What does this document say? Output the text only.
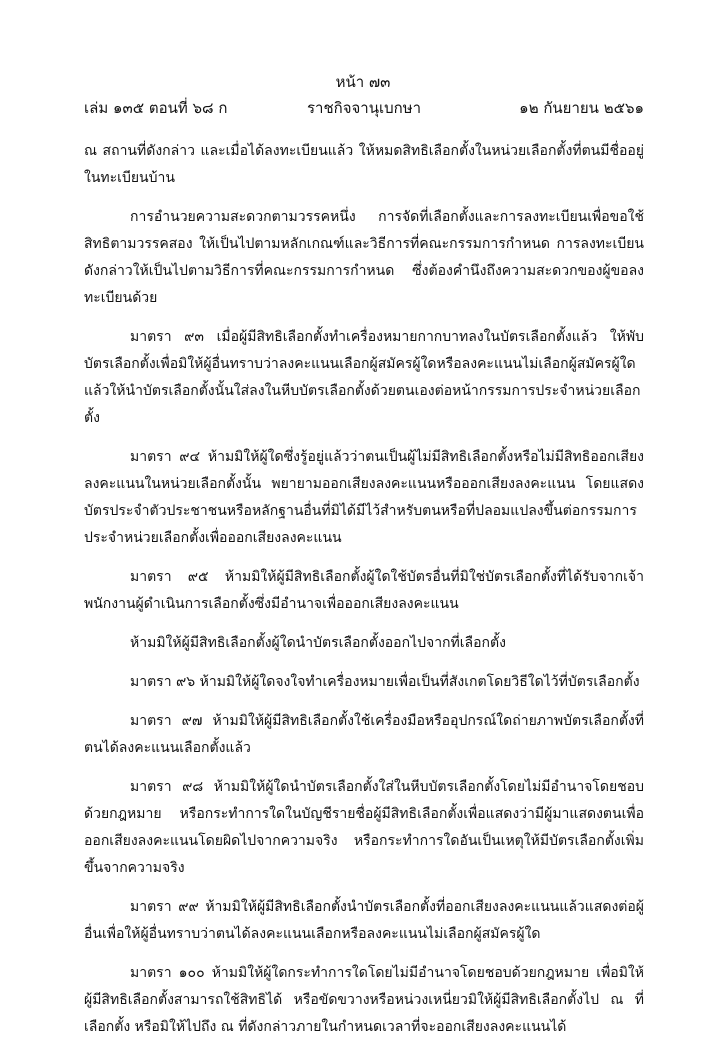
หน้า ๗๓
เล่ม ๑๓๕ ตอนที่ ๖๘ ก	ราชกิจจานุเบกษา	๑๒ กันยายน ๒๕๖๑

ณ สถานที่ดังกล่าว และเมื่อได้ลงทะเบียนแล้ว ให้หมดสิทธิเลือกตั้งในหน่วยเลือกตั้งที่ตนมีชื่ออยู่ในทะเบียนบ้าน

การอำนวยความสะดวกตามวรรคหนึ่ง การจัดที่เลือกตั้งและการลงทะเบียนเพื่อขอใช้สิทธิตามวรรคสอง ให้เป็นไปตามหลักเกณฑ์และวิธีการที่คณะกรรมการกำหนด การลงทะเบียนดังกล่าวให้เป็นไปตามวิธีการที่คณะกรรมการกำหนด ซึ่งต้องคำนึงถึงความสะดวกของผู้ขอลงทะเบียนด้วย

มาตรา ๙๓ เมื่อผู้มีสิทธิเลือกตั้งทำเครื่องหมายกากบาทลงในบัตรเลือกตั้งแล้ว ให้พับบัตรเลือกตั้งเพื่อมิให้ผู้อื่นทราบว่าลงคะแนนเลือกผู้สมัครผู้ใดหรือลงคะแนนไม่เลือกผู้สมัครผู้ใด แล้วให้นำบัตรเลือกตั้งนั้นใส่ลงในหีบบัตรเลือกตั้งด้วยตนเองต่อหน้ากรรมการประจำหน่วยเลือกตั้ง

มาตรา ๙๔ ห้ามมิให้ผู้ใดซึ่งรู้อยู่แล้วว่าตนเป็นผู้ไม่มีสิทธิเลือกตั้งหรือไม่มีสิทธิออกเสียงลงคะแนนในหน่วยเลือกตั้งนั้น พยายามออกเสียงลงคะแนนหรือออกเสียงลงคะแนน โดยแสดงบัตรประจำตัวประชาชนหรือหลักฐานอื่นที่มิได้มีไว้สำหรับตนหรือที่ปลอมแปลงขึ้นต่อกรรมการประจำหน่วยเลือกตั้งเพื่อออกเสียงลงคะแนน

มาตรา ๙๕ ห้ามมิให้ผู้มีสิทธิเลือกตั้งผู้ใดใช้บัตรอื่นที่มิใช่บัตรเลือกตั้งที่ได้รับจากเจ้าพนักงานผู้ดำเนินการเลือกตั้งซึ่งมีอำนาจเพื่อออกเสียงลงคะแนน

ห้ามมิให้ผู้มีสิทธิเลือกตั้งผู้ใดนำบัตรเลือกตั้งออกไปจากที่เลือกตั้ง

มาตรา ๙๖ ห้ามมิให้ผู้ใดจงใจทำเครื่องหมายเพื่อเป็นที่สังเกตโดยวิธีใดไว้ที่บัตรเลือกตั้ง

มาตรา ๙๗ ห้ามมิให้ผู้มีสิทธิเลือกตั้งใช้เครื่องมือหรืออุปกรณ์ใดถ่ายภาพบัตรเลือกตั้งที่ตนได้ลงคะแนนเลือกตั้งแล้ว

มาตรา ๙๘ ห้ามมิให้ผู้ใดนำบัตรเลือกตั้งใส่ในหีบบัตรเลือกตั้งโดยไม่มีอำนาจโดยชอบด้วยกฎหมาย หรือกระทำการใดในบัญชีรายชื่อผู้มีสิทธิเลือกตั้งเพื่อแสดงว่ามีผู้มาแสดงตนเพื่อออกเสียงลงคะแนนโดยผิดไปจากความจริง หรือกระทำการใดอันเป็นเหตุให้มีบัตรเลือกตั้งเพิ่มขึ้นจากความจริง

มาตรา ๙๙ ห้ามมิให้ผู้มีสิทธิเลือกตั้งนำบัตรเลือกตั้งที่ออกเสียงลงคะแนนแล้วแสดงต่อผู้อื่นเพื่อให้ผู้อื่นทราบว่าตนได้ลงคะแนนเลือกหรือลงคะแนนไม่เลือกผู้สมัครผู้ใด

มาตรา ๑๐๐ ห้ามมิให้ผู้ใดกระทำการใดโดยไม่มีอำนาจโดยชอบด้วยกฎหมาย เพื่อมิให้ผู้มีสิทธิเลือกตั้งสามารถใช้สิทธิได้ หรือขัดขวางหรือหน่วงเหนี่ยวมิให้ผู้มีสิทธิเลือกตั้งไป ณ ที่เลือกตั้ง หรือมิให้ไปถึง ณ ที่ดังกล่าวภายในกำหนดเวลาที่จะออกเสียงลงคะแนนได้
